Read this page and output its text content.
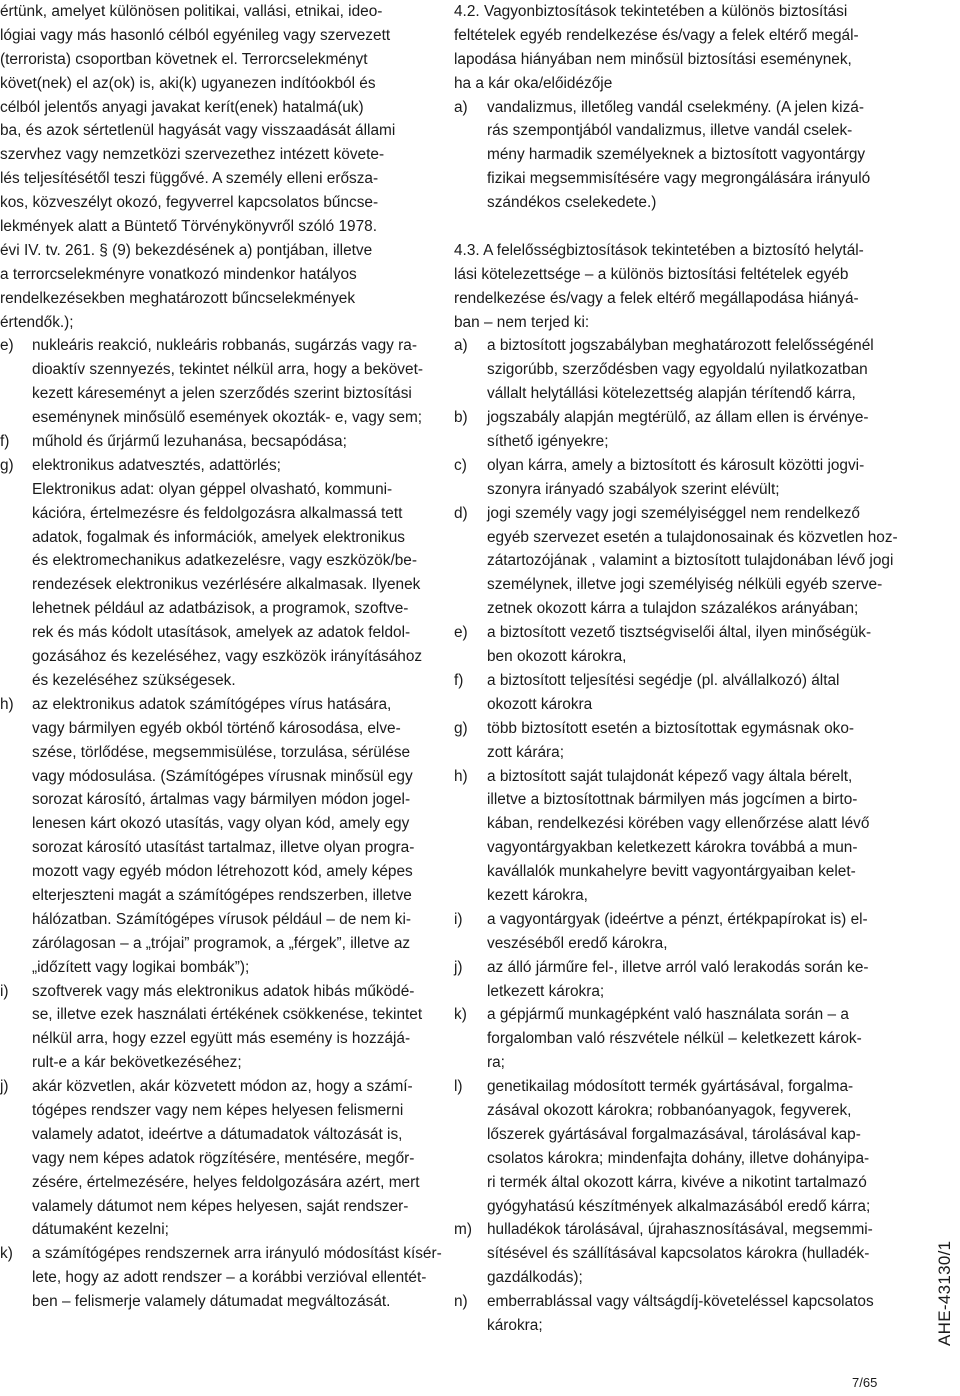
értünk, amelyet különösen politikai, vallási, etnikai, ideo-
lógiai vagy más hasonló célból egyénileg vagy szervezett
(terrorista) csoportban követnek el. Terrorcselekményt
követ(nek) el az(ok) is, aki(k) ugyanezen indítóokból és
célból jelentős anyagi javakat kerít(enek) hatalmá(uk)
ba, és azok sértetlenül hagyását vagy visszaadását állami
szervhez vagy nemzetközi szervezethez intézett követe-
lés teljesítésétől teszi függővé. A személy elleni erősza-
kos, közveszélyt okozó, fegyverrel kapcsolatos bűncse-
lekmények alatt a Büntető Törvénykönyvről szóló 1978.
évi IV. tv. 261. § (9) bekezdésének a) pontjában, illetve
a terrorcselekményre vonatkozó mindenkor hatályos
rendelkezésekben meghatározott bűncselekmények
értendők.);
e)	nukleáris reakció, nukleáris robbanás, sugárzás vagy ra-
dioaktív szennyezés, tekintet nélkül arra, hogy a bekövet-
kezett káreseményt a jelen szerződés szerint biztosítási
eseménynek minősülő események okozták- e, vagy sem;
f)	műhold és űrjármű lezuhanása, becsapódása;
g)	elektronikus adatvesztés, adattörlés;
Elektronikus adat: olyan géppel olvasható, kommuni-
kációra, értelmezésre és feldolgozásra alkalmassá tett
adatok, fogalmak és információk, amelyek elektronikus
és elektromechanikus adatkezelésre, vagy eszközök/be-
rendezések elektronikus vezérlésére alkalmasak. Ilyenek
lehetnek például az adatbázisok, a programok, szoftve-
rek és más kódolt utasítások, amelyek az adatok feldol-
gozásához és kezeléséhez, vagy eszközök irányításához
és kezeléséhez szükségesek.
h)	az elektronikus adatok számítógépes vírus hatására,
vagy bármilyen egyéb okból történő károsodása, elve-
szése, törlődése, megsemmisülése, torzulása, sérülése
vagy módosulása. (Számítógépes vírusnak minősül egy
sorozat károsító, ártalmas vagy bármilyen módon jogel-
lenesen kárt okozó utasítás, vagy olyan kód, amely egy
sorozat károsító utasítást tartalmaz, illetve olyan progra-
mozott vagy egyéb módon létrehozott kód, amely képes
elterjeszteni magát a számítógépes rendszerben, illetve
hálózatban. Számítógépes vírusok például – de nem ki-
zárólagosan – a „trójai” programok, a „férgek”, illetve az
„időzített vagy logikai bombák”);
i)	szoftverek vagy más elektronikus adatok hibás működé-
se, illetve ezek használati értékének csökkenése, tekintet
nélkül arra, hogy ezzel együtt más esemény is hozzájá-
rult-e a kár bekövetkezéséhez;
j)	akár közvetlen, akár közvetett módon az, hogy a számí-
tógépes rendszer vagy nem képes helyesen felismerni
valamely adatot, ideértve a dátumadatok változását is,
vagy nem képes adatok rögzítésére, mentésére, megőr-
zésére, értelmezésére, helyes feldolgozására azért, mert
valamely dátumot nem képes helyesen, saját rendszer-
dátumaként kezelni;
k)	a számítógépes rendszernek arra irányuló módosítást kísér-
lete, hogy az adott rendszer – a korábbi verzióval ellentét-
ben – felismerje valamely dátumadat megváltozását.
4.2. Vagyonbiztosítások tekintetében a különös biztosítási
feltételek egyéb rendelkezése és/vagy a felek eltérő megál-
lapodása hiányában nem minősül biztosítási eseménynek,
ha a kár oka/előidézője
a)	vandalizmus, illetőleg vandál cselekmény. (A jelen kizá-
rás szempontjából vandalizmus, illetve vandál cselek-
mény harmadik személyeknek a biztosított vagyontárgy
fizikai megsemmisítésére vagy megrongálására irányuló
szándékos cselekedete.)
4.3. A felelősségbiztosítások tekintetében a biztosító helytál-
lási kötelezettsége – a különös biztosítási feltételek egyéb
rendelkezése és/vagy a felek eltérő megállapodása hiányá-
ban – nem terjed ki:
a)	a biztosított jogszabályban meghatározott felelősségénél
szigorúbb, szerződésben vagy egyoldalú nyilatkozatban
vállalt helytállási kötelezettség alapján térítendő kárra,
b)	jogszabály alapján megtérülő, az állam ellen is érvénye-
síthető igényekre;
c)	olyan kárra, amely a biztosított és károsult közötti jogvi-
szonyra irányadó szabályok szerint elévült;
d)	jogi személy vagy jogi személyiséggel nem rendelkező
egyéb szervezet esetén a tulajdonosainak és közvetlen hoz-
zátartozójának , valamint a biztosított tulajdonában lévő jogi
személynek, illetve jogi személyiség nélküli egyéb szerve-
zetnek okozott kárra a tulajdon százalékos arányában;
e)	a biztosított vezető tisztségviselői által, ilyen minőségük-
ben okozott károkra,
f)	a biztosított teljesítési segédje (pl. alvállalkozó) által
okozott károkra
g)	több biztosított esetén a biztosítottak egymásnak oko-
zott kárára;
h)	a biztosított saját tulajdonát képező vagy általa bérelt,
illetve a biztosítottnak bármilyen más jogcímen a birto-
kában, rendelkezési körében vagy ellenőrzése alatt lévő
vagyontárgyakban keletkezett károkra továbbá a mun-
kavállalók munkahelyre bevitt vagyontárgyaiban kelet-
kezett károkra,
i)	a vagyontárgyak (ideértve a pénzt, értékpapírokat is) el-
veszéséből eredő károkra,
j)	az álló járműre fel-, illetve arról való lerakodás során ke-
letkezett károkra;
k)	a gépjármű munkagépként való használata során – a
forgalomban való részvétele nélkül – keletkezett károk-
ra;
l)	genetikailag módosított termék gyártásával, forgalma-
zásával okozott károkra; robbanóanyagok, fegyverek,
lőszerek gyártásával forgalmazásával, tárolásával kap-
csolatos károkra; mindenfajta dohány, illetve dohányipa-
ri termék által okozott kárra, kivéve a nikotint tartalmazó
gyógyhatású készítmények alkalmazásából eredő kárra;
m) hulladékok tárolásával, újrahasznosításával, megsemmi-
sítésével és szállításával kapcsolatos károkra (hulladék-
gazdálkodás);
n)	emberrablással vagy váltságdíj-követeléssel kapcsolatos
károkra;	AHE-43130/1
7/65
